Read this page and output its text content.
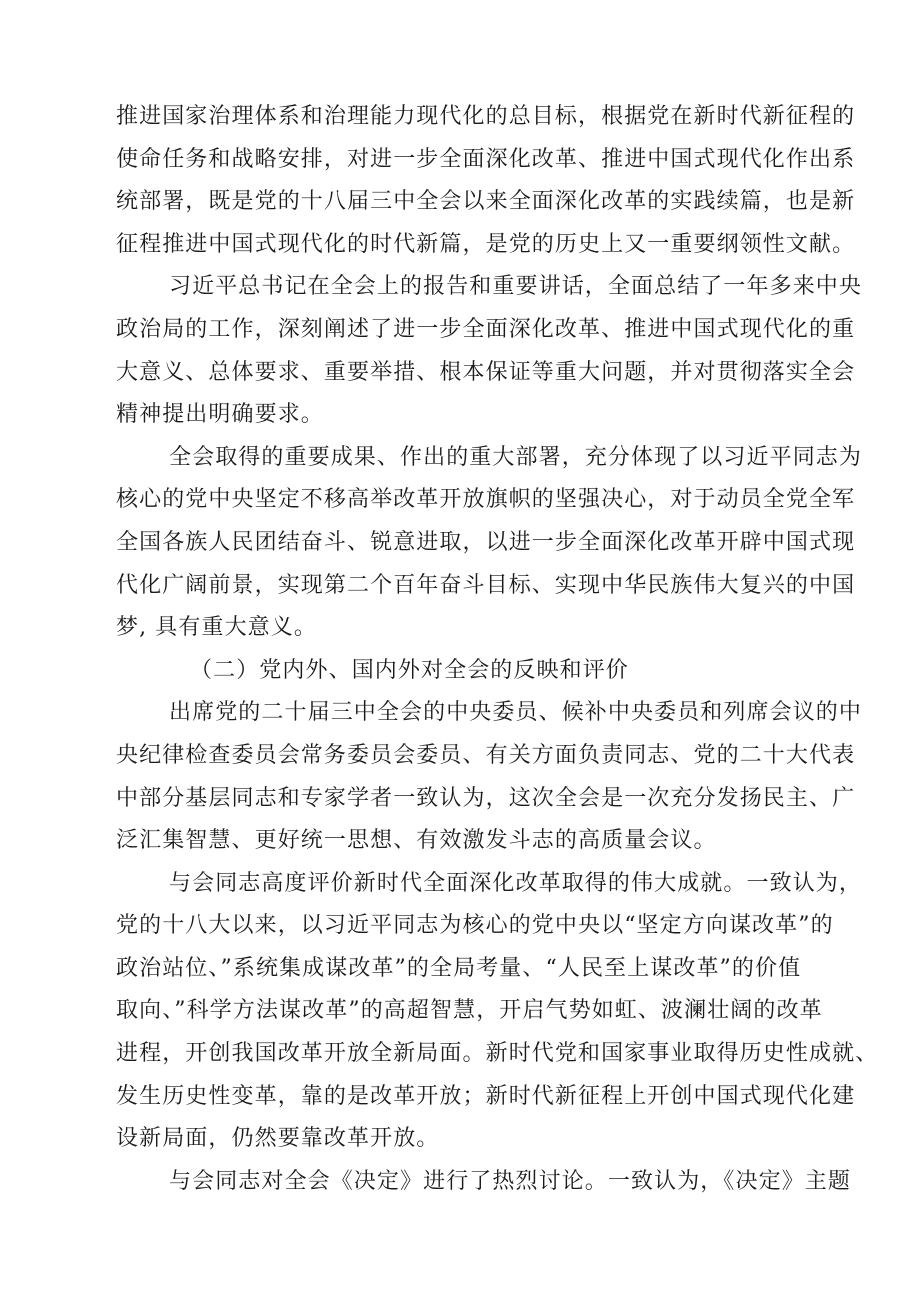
推进国家治理体系和治理能力现代化的总目标，根据党在新时代新征程的
使命任务和战略安排，对进一步全面深化改革、推进中国式现代化作出系
统部署，既是党的十八届三中全会以来全面深化改革的实践续篇，也是新
征程推进中国式现代化的时代新篇，是党的历史上又一重要纲领性文献。
习近平总书记在全会上的报告和重要讲话，全面总结了一年多来中央
政治局的工作，深刻阐述了进一步全面深化改革、推进中国式现代化的重
大意义、总体要求、重要举措、根本保证等重大问题，并对贯彻落实全会
精神提出明确要求。
全会取得的重要成果、作出的重大部署，充分体现了以习近平同志为
核心的党中央坚定不移高举改革开放旗帜的坚强决心，对于动员全党全军
全国各族人民团结奋斗、锐意进取，以进一步全面深化改革开辟中国式现
代化广阔前景，实现第二个百年奋斗目标、实现中华民族伟大复兴的中国
梦, 具有重大意义。
（二）党内外、国内外对全会的反映和评价
出席党的二十届三中全会的中央委员、候补中央委员和列席会议的中
央纪律检查委员会常务委员会委员、有关方面负责同志、党的二十大代表
中部分基层同志和专家学者一致认为，这次全会是一次充分发扬民主、广
泛汇集智慧、更好统一思想、有效激发斗志的高质量会议。
与会同志高度评价新时代全面深化改革取得的伟大成就。一致认为，
党的十八大以来，以习近平同志为核心的党中央以“坚定方向谋改革”的
政治站位、”系统集成谋改革”的全局考量、“人民至上谋改革”的价值
取向、”科学方法谋改革”的高超智慧，开启气势如虹、波澜壮阔的改革
进程，开创我国改革开放全新局面。新时代党和国家事业取得历史性成就、
发生历史性变革，靠的是改革开放；新时代新征程上开创中国式现代化建
设新局面，仍然要靠改革开放。
与会同志对全会《决定》进行了热烈讨论。一致认为，《决定》主题
